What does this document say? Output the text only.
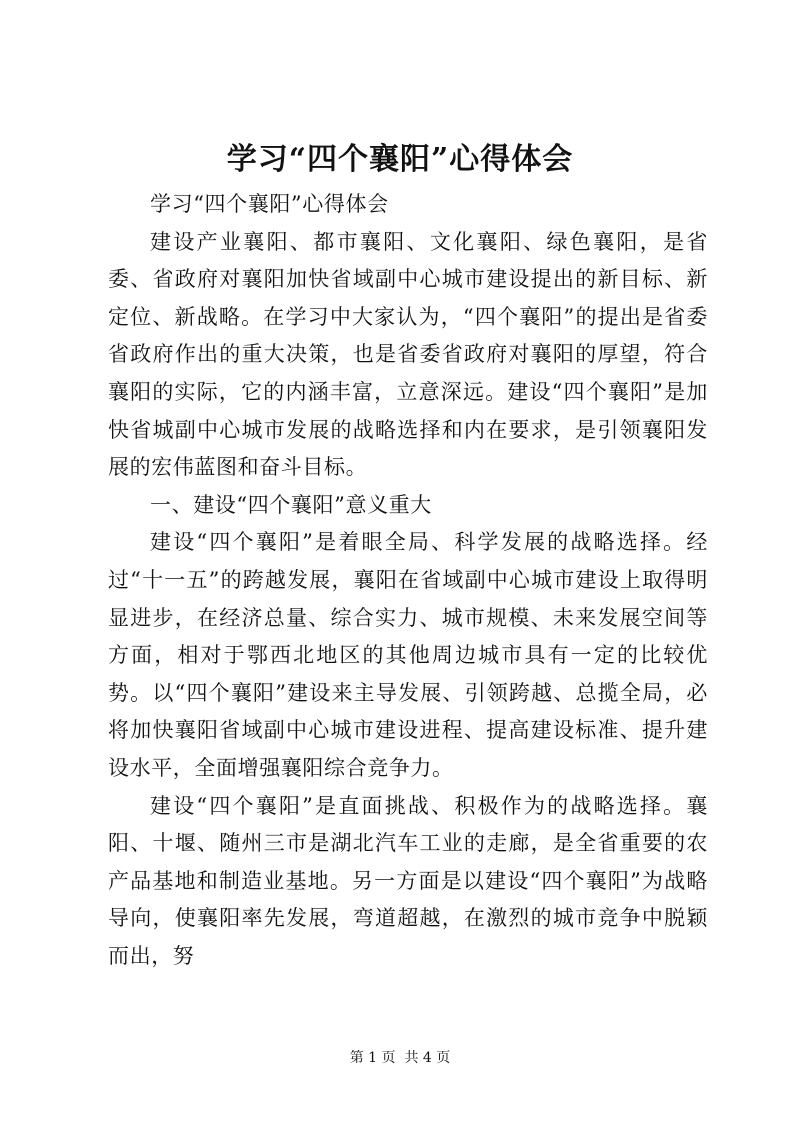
学习“四个襄阳”心得体会

学习“四个襄阳”心得体会

建设产业襄阳、都市襄阳、文化襄阳、绿色襄阳，是省委、省政府对襄阳加快省域副中心城市建设提出的新目标、新定位、新战略。在学习中大家认为，“四个襄阳”的提出是省委省政府作出的重大决策，也是省委省政府对襄阳的厚望，符合襄阳的实际，它的内涵丰富，立意深远。建设“四个襄阳”是加快省城副中心城市发展的战略选择和内在要求，是引领襄阳发展的宏伟蓝图和奋斗目标。

一、建设“四个襄阳”意义重大

建设“四个襄阳”是着眼全局、科学发展的战略选择。经过“十一五”的跨越发展，襄阳在省域副中心城市建设上取得明显进步，在经济总量、综合实力、城市规模、未来发展空间等方面，相对于鄂西北地区的其他周边城市具有一定的比较优势。以“四个襄阳”建设来主导发展、引领跨越、总揽全局，必将加快襄阳省域副中心城市建设进程、提高建设标准、提升建设水平，全面增强襄阳综合竞争力。

建设“四个襄阳”是直面挑战、积极作为的战略选择。襄阳、十堰、随州三市是湖北汽车工业的走廊，是全省重要的农产品基地和制造业基地。另一方面是以建设“四个襄阳”为战略导向，使襄阳率先发展，弯道超越，在激烈的城市竞争中脱颖而出，努

第 1 页  共 4 页
